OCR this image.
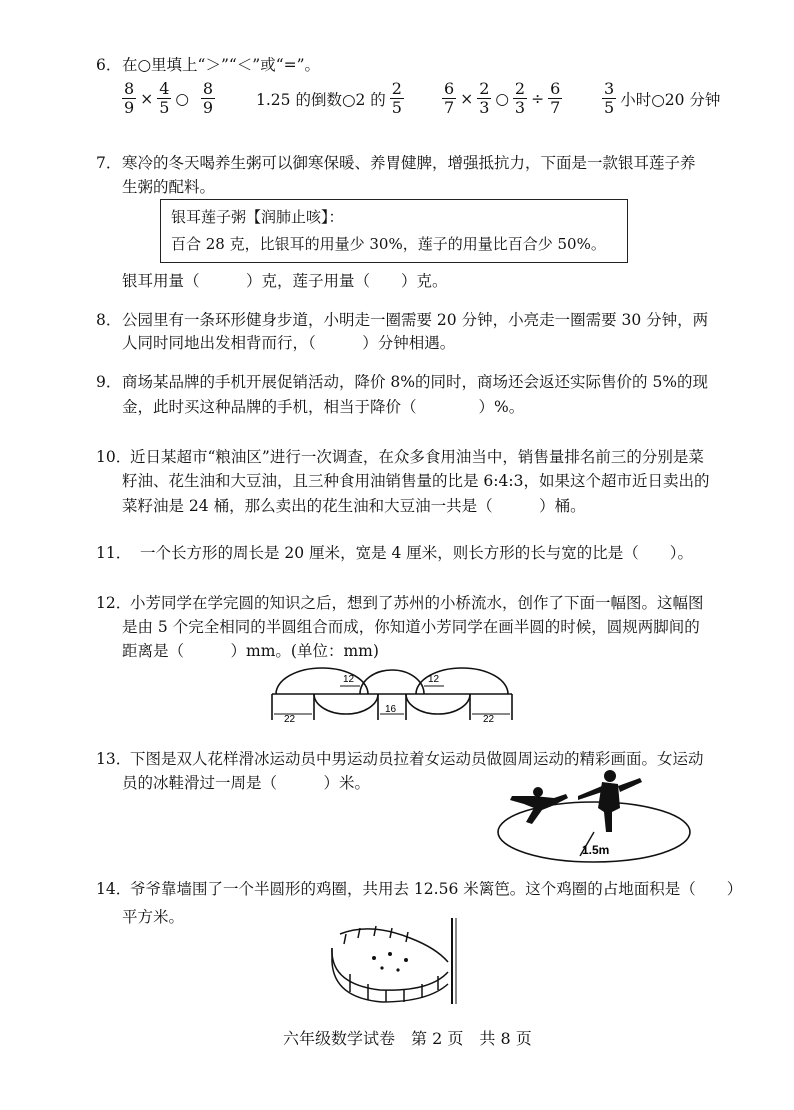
6． 在○里填上“＞”“＜”或“=”。
$\frac{8}{9} \times \frac{4}{5}$ ○ $\frac{8}{9}$	1.25 的倒数○2 的 $\frac{2}{5} \frac{6}{7} \times \frac{2}{3}$ ○ $\frac{2}{3} \div \frac{6}{7} \frac{3}{5}$ 小时○20 分钟
7． 寒冷的冬天喝养生粥可以御寒保暖、养胃健脾，增强抵抗力，下面是一款银耳莲子养
生粥的配料。
银耳莲子粥【润肺止咳】：
百合 28 克，比银耳的用量少 30%，莲子的用量比百合少 50%。
银耳用量（　　　）克，莲子用量（　　）克。
8． 公园里有一条环形健身步道，小明走一圈需要 20 分钟，小亮走一圈需要 30 分钟，两
人同时同地出发相背而行，（　　　）分钟相遇。
9． 商场某品牌的手机开展促销活动，降价 8%的同时，商场还会返还实际售价的 5%的现
金，此时买这种品牌的手机，相当于降价（　　　　）%。
10．
近日某超市“粮油区”进行一次调查，在众多食用油当中，销售量排名前三的分别是菜
籽油、花生油和大豆油，且三种食用油销售量的比是 6:4:3，如果这个超市近日卖出的
菜籽油是 24 桶，那么卖出的花生油和大豆油一共是（　　　）桶。
11． 一个长方形的周长是 20 厘米，宽是 4 厘米，则长方形的长与宽的比是（　　）。
12．
小芳同学在学完圆的知识之后，想到了苏州的小桥流水，创作了下面一幅图。这幅图
是由 5 个完全相同的半圆组合而成，你知道小芳同学在画半圆的时候，圆规两脚间的
距离是（　　　）mm。(单位：mm)
22
16
22
12	12
13．
下图是双人花样滑冰运动员中男运动员拉着女运动员做圆周运动的精彩画面。女运动
员的冰鞋滑过一周是（　　　）米。
1.5m
14．
爷爷靠墙围了一个半圆形的鸡圈，共用去 12.56 米篱笆。这个鸡圈的占地面积是（　　）
平方米。
六年级数学试卷　第 2 页　共 8 页
